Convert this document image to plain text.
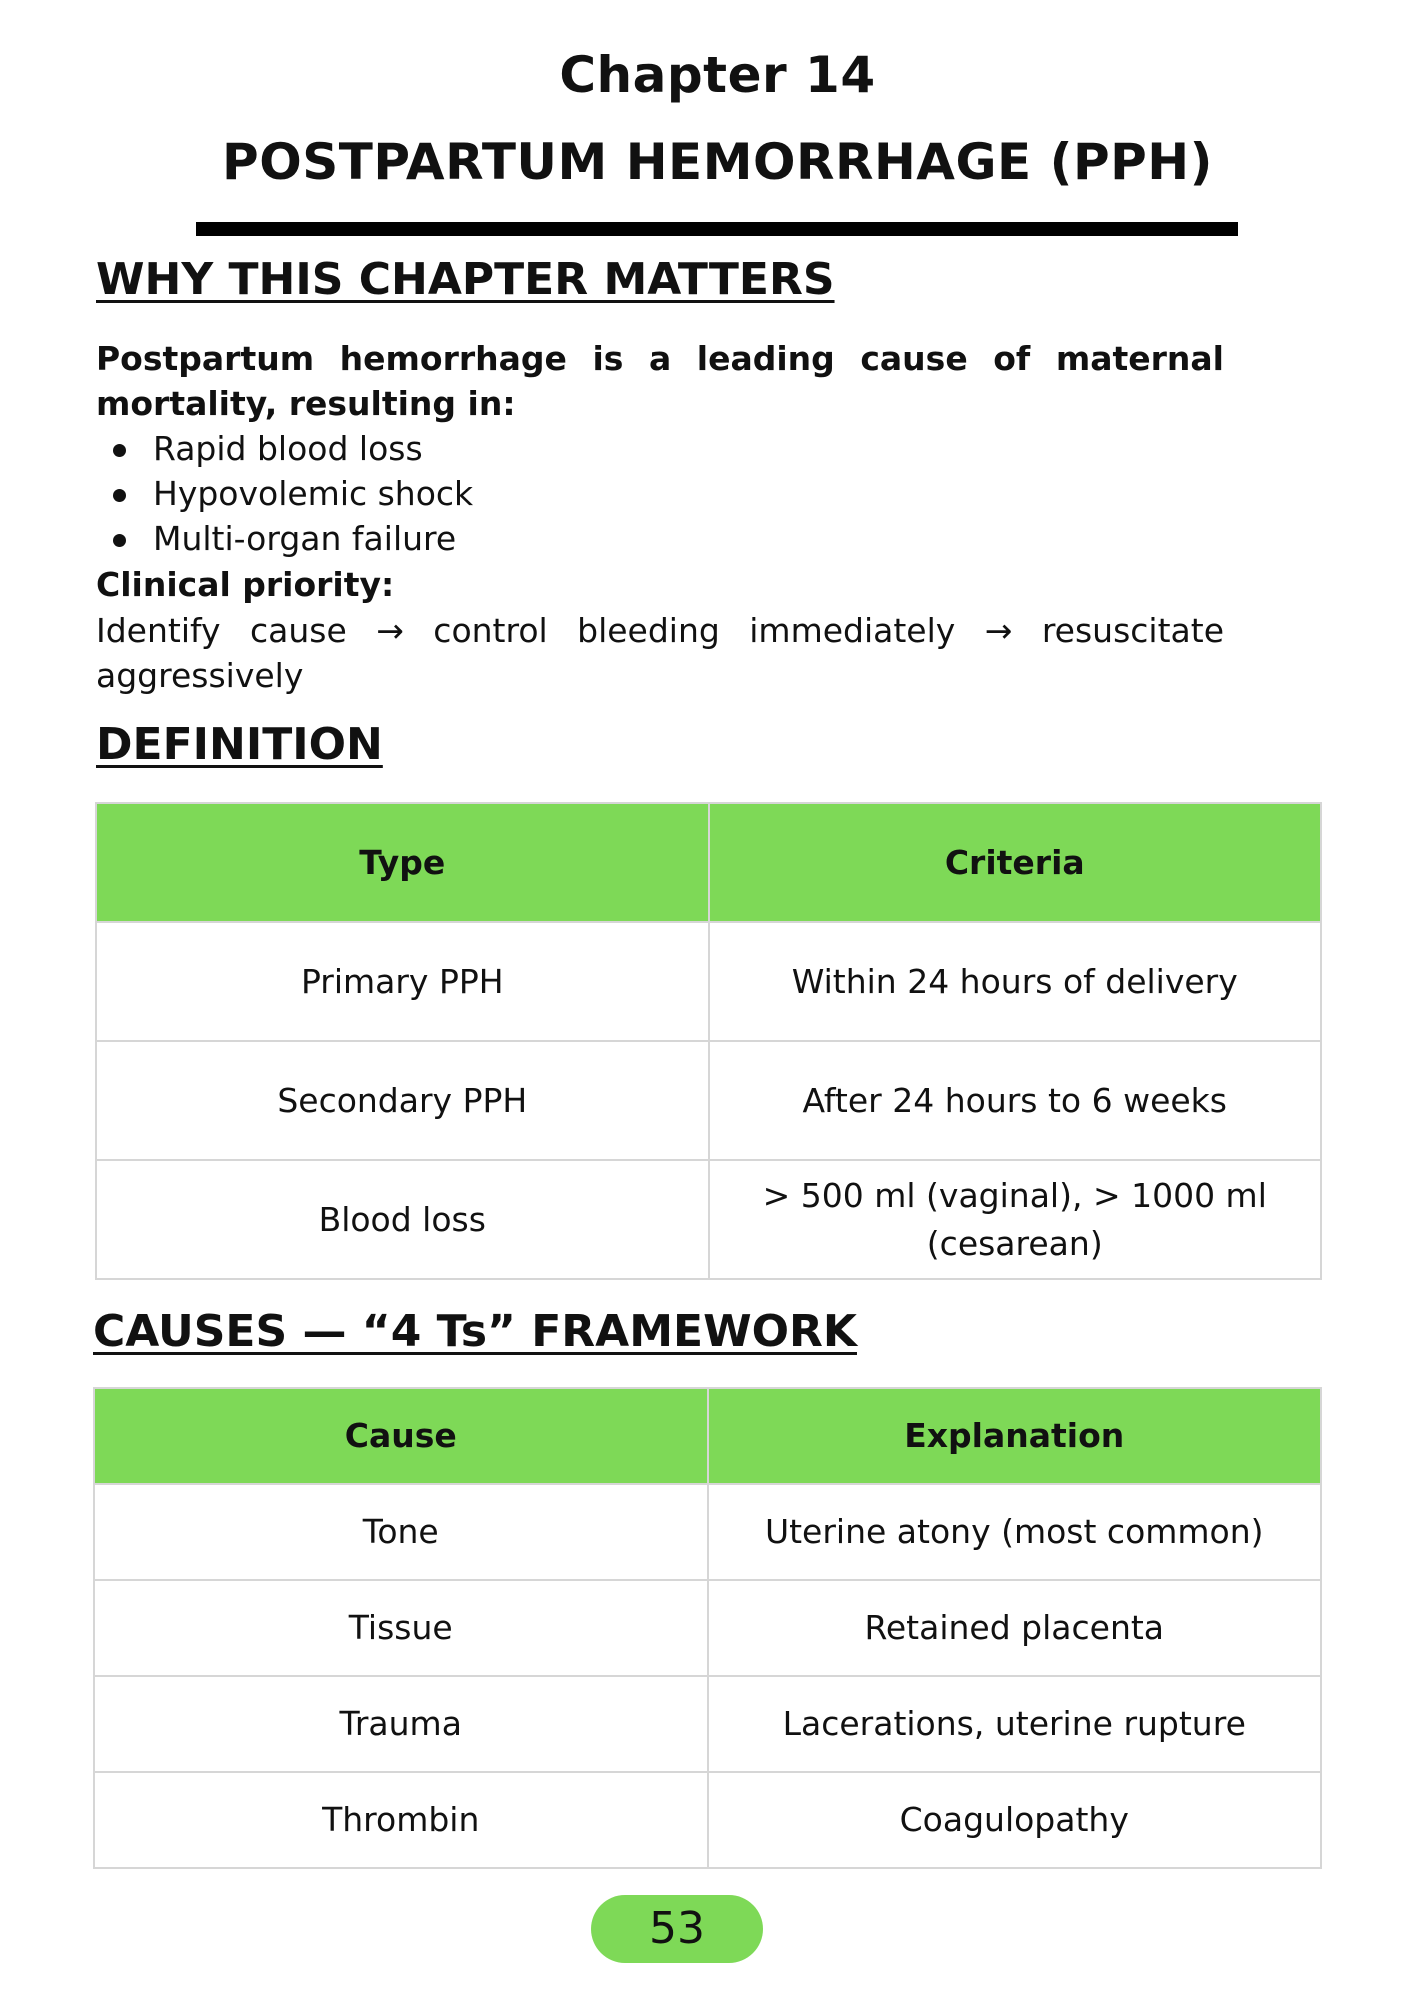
Chapter 14
POSTPARTUM HEMORRHAGE (PPH)
WHY THIS CHAPTER MATTERS
Postpartum hemorrhage is a leading cause of maternal mortality, resulting in:
Rapid blood loss
Hypovolemic shock
Multi-organ failure
Clinical priority:
Identify cause → control bleeding immediately → resuscitate aggressively
DEFINITION
Type	Criteria
Primary PPH	Within 24 hours of delivery
Secondary PPH	After 24 hours to 6 weeks
Blood loss	> 500 ml (vaginal), > 1000 ml (cesarean)
CAUSES — “4 Ts” FRAMEWORK
Cause	Explanation
Tone	Uterine atony (most common)
Tissue	Retained placenta
Trauma	Lacerations, uterine rupture
Thrombin	Coagulopathy
53
